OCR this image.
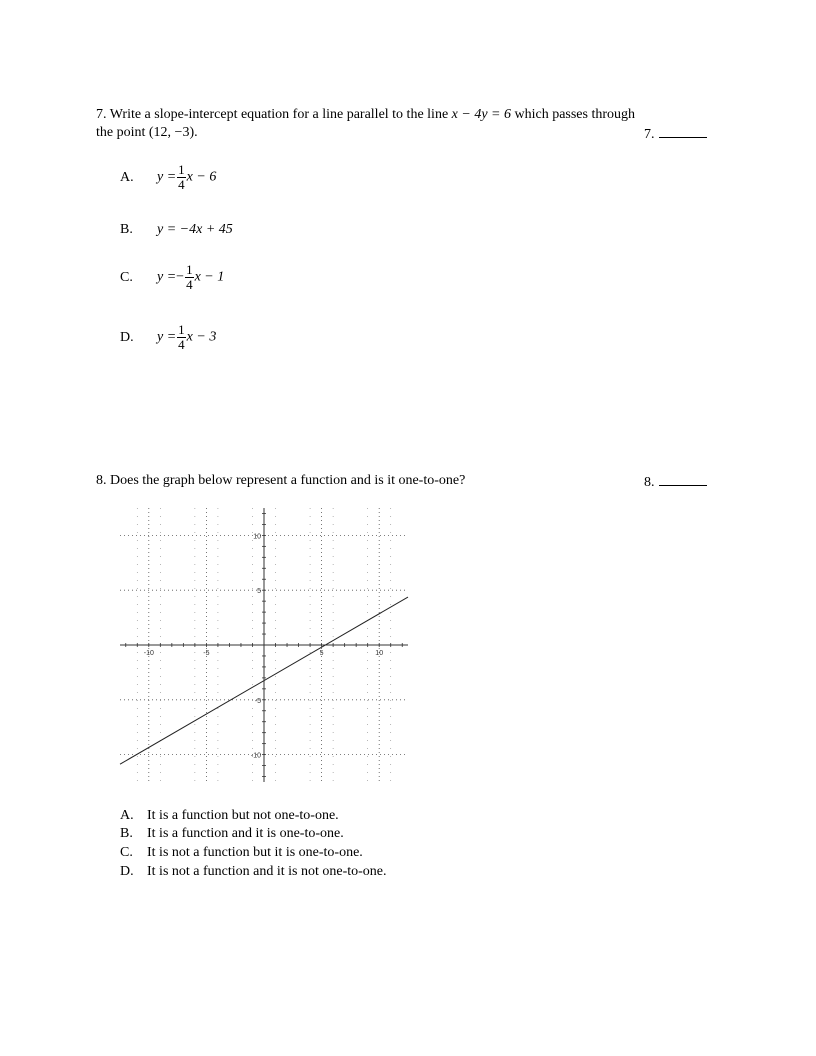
7. Write a slope-intercept equation for a line parallel to the line x − 4y = 6 which passes through
the point (12, −3).	7.
A. $y = \frac{1}{4}$ x − 6
B. y = −4x + 45
C. $y =- \frac{1}{4}$ x − 1
D. $y = \frac{1}{4}$ x − 3
8. Does the graph below represent a function and is it one-to-one?	8.
-10	-5	5	10
10
5
-5
-10
A. It is a function but not one-to-one.
B. It is a function and it is one-to-one.
C. It is not a function but it is one-to-one.
D. It is not a function and it is not one-to-one.
